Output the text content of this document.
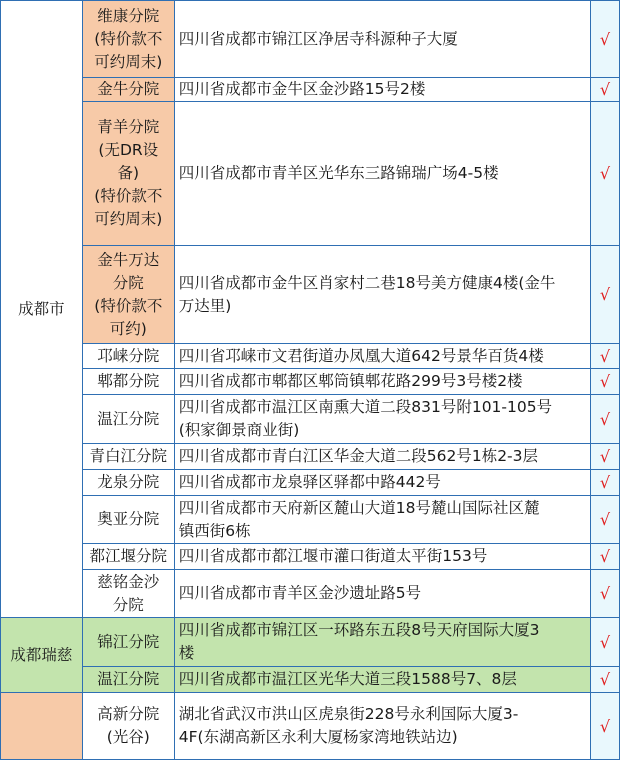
成都市	维康分院
(特价款不
可约周末)	四川省成都市锦江区净居寺科源种子大厦	√
	金牛分院	四川省成都市金牛区金沙路15号2楼	√
	青羊分院
(无DR设
备)
(特价款不
可约周末)	四川省成都市青羊区光华东三路锦瑞广场4-5楼	√
	金牛万达
分院
(特价款不
可约)	四川省成都市金牛区肖家村二巷18号美方健康4楼(金牛
万达里)	√
	邛崃分院	四川省邛崃市文君街道办凤凰大道642号景华百货4楼	√
	郫都分院	四川省成都市郫都区郫筒镇郫花路299号3号楼2楼	√
	温江分院	四川省成都市温江区南熏大道二段831号附101-105号
(积家御景商业街)	√
	青白江分院	四川省成都市青白江区华金大道二段562号1栋2-3层	√
	龙泉分院	四川省成都市龙泉驿区驿都中路442号	√
	奥亚分院	四川省成都市天府新区麓山大道18号麓山国际社区麓
镇西街6栋	√
	都江堰分院	四川省成都市都江堰市灌口街道太平街153号	√
	慈铭金沙
分院	四川省成都市青羊区金沙遗址路5号	√
成都瑞慈	锦江分院	四川省成都市锦江区一环路东五段8号天府国际大厦3
楼	√
	温江分院	四川省成都市温江区光华大道三段1588号7、8层	√
	高新分院
(光谷)	湖北省武汉市洪山区虎泉街228号永利国际大厦3-
4F(东湖高新区永利大厦杨家湾地铁站边)	√
